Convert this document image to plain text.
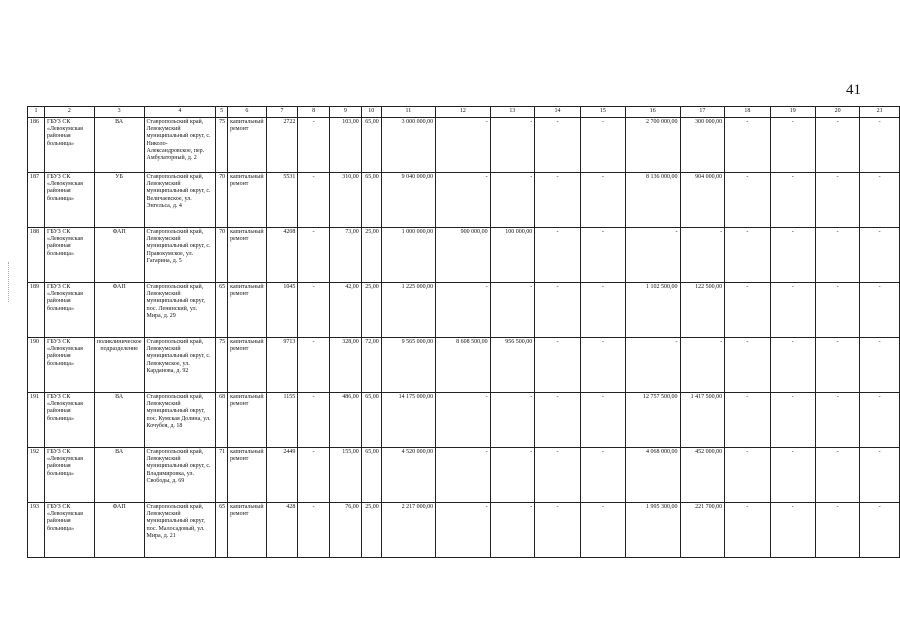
41
1	2	3	4	5	6	7	8	9	10	11	12	13	14	15	16	17	18	19	20	21
186	ГБУЗ СК «Левокумская районная больница»	ВА	Ставропольский край, Левокумский муниципальный округ, с. Николо-Александровское, пер. Амбулаторный, д. 2	75	капитальный ремонт	2722	-	103,00	65,00	3 000 000,00	-	-	-	-	2 700 000,00	300 000,00	-	-	-	-
187	ГБУЗ СК «Левокумская районная больница»	УБ	Ставропольский край, Левокумский муниципальный округ, с. Величаевское, ул. Энгельса, д. 4	70	капитальный ремонт	5531	-	310,00	65,00	9 040 000,00	-	-	-	-	8 136 000,00	904 000,00	-	-	-	-
188	ГБУЗ СК «Левокумская районная больница»	ФАП	Ставропольский край, Левокумский муниципальный округ, с. Правокумское, ул. Гагарина, д. 5	70	капитальный ремонт	4208	-	73,00	25,00	1 000 000,00	900 000,00	100 000,00	-	-	-	-	-	-	-	-
189	ГБУЗ СК «Левокумская районная больница»	ФАП	Ставропольский край, Левокумский муниципальный округ, пос. Ленинский, ул. Мира, д. 29	65	капитальный ремонт	1045	-	42,00	25,00	1 225 000,00	-	-	-	-	1 102 500,00	122 500,00	-	-	-	-
190	ГБУЗ СК «Левокумская районная больница»	поликлиническое подразделение	Ставропольский край, Левокумский муниципальный округ, с. Левокумское, ул. Карданова, д. 92	75	капитальный ремонт	9713	-	328,00	72,00	9 565 000,00	8 608 500,00	956 500,00	-	-	-	-	-	-	-	-
191	ГБУЗ СК «Левокумская районная больница»	ВА	Ставропольский край, Левокумский муниципальный округ, пос. Кумская Долина, ул. Кочубея, д. 18	68	капитальный ремонт	1155	-	486,00	65,00	14 175 000,00	-	-	-	-	12 757 500,00	1 417 500,00	-	-	-	-
192	ГБУЗ СК «Левокумская районная больница»	ВА	Ставропольский край, Левокумский муниципальный округ, с. Владимировка, ул. Свободы, д. 69	71	капитальный ремонт	2449	-	155,00	65,00	4 520 000,00	-	-	-	-	4 068 000,00	452 000,00	-	-	-	-
193	ГБУЗ СК «Левокумская районная больница»	ФАП	Ставропольский край, Левокумский муниципальный округ, пос. Малосадовый, ул. Мира, д. 21	65	капитальный ремонт	428	-	76,00	25,00	2 217 000,00	-	-	-	-	1 995 300,00	221 700,00	-	-	-	-
